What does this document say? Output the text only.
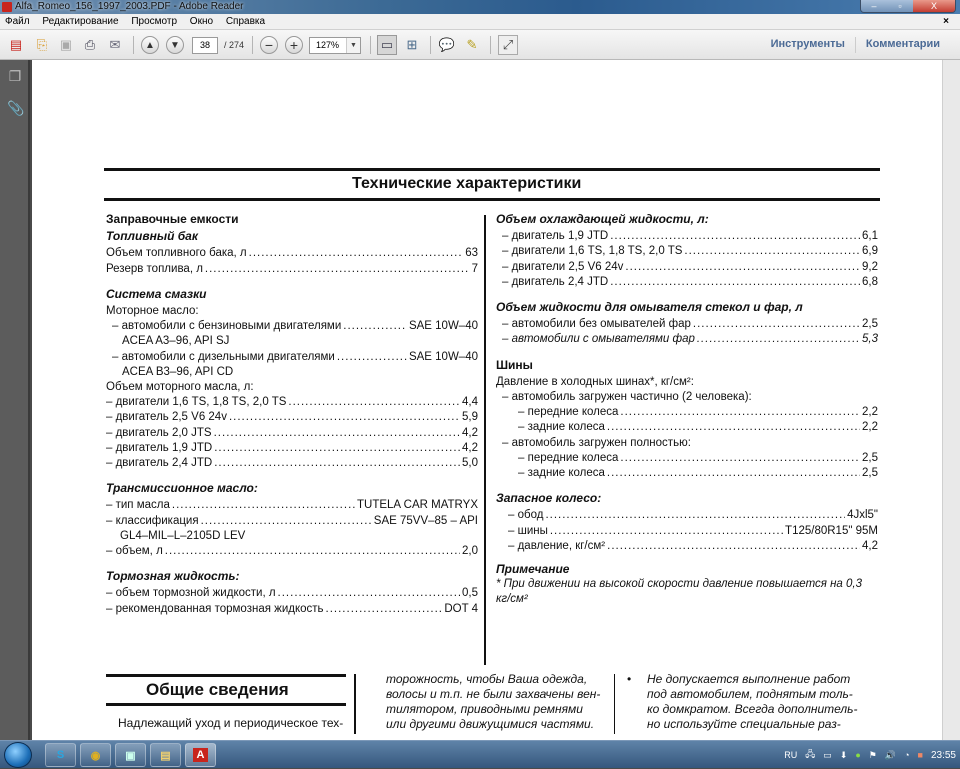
Alfa_Romeo_156_1997_2003.PDF - Adobe Reader	–	▫	X
Файл Редактирование Просмотр Окно Справка	×
▤	⎘ ▣ ⎙	✉	▲	▼	38	/ 274	−	+	127%	▼ ▭	⊞	💬 ✎	⤢	Инструменты	Комментарии
❐
📎
Технические характеристики
Заправочные емкости
Топливный бак
Объем топливного бака, л .....	63
Резерв топлива, л .....	7
Система смазки
Моторное масло:
– автомобили с бензиновыми двигателями .....	SAE 10W–40
ACEA A3–96, API SJ
– автомобили с дизельными двигателями .....	SAE 10W–40
ACEA B3–96, API CD
Объем моторного масла, л:
– двигатели 1,6 TS, 1,8 TS, 2,0 TS .....	4,4
– двигатель 2,5 V6 24v .....	5,9
– двигатель 2,0 JTS .....	4,2
– двигатель 1,9 JTD .....	4,2
– двигатель 2,4 JTD .....	5,0
Трансмиссионное масло:
– тип масла .....	TUTELA CAR MATRYX
– классификация .....	SAE 75VV–85 – API
GL4–MIL–L–2105D LEV
– объем, л .....	2,0
Тормозная жидкость:
– объем тормозной жидкости, л .....	0,5
– рекомендованная тормозная жидкость .....	DOT 4
Объем охлаждающей жидкости, л:
– двигатель 1,9 JTD .....	6,1
– двигатели 1,6 TS, 1,8 TS, 2,0 TS .....	6,9
– двигатели 2,5 V6 24v .....	9,2
– двигатель 2,4 JTD .....	6,8
Объем жидкости для омывателя стекол и фар, л
– автомобили без омывателей фар .....	2,5
– автомобили с омывателями фар .....	5,3
Шины
Давление в холодных шинах*, кг/см²:
– автомобиль загружен частично (2 человека):
– передние колеса .....	2,2
– задние колеса .....	2,2
– автомобиль загружен полностью:
– передние колеса .....	2,5
– задние колеса .....	2,5
Запасное колесо:
– обод .....	4Jxl5"
– шины .....	T125/80R15" 95M
– давление, кг/см² .....	4,2
Примечание
* При движении на высокой скорости давление повышается на 0,3 кг/см²
Общие сведения
Надлежащий уход и периодическое тех-
торожность, чтобы Ваша одежда,
волосы и т.п. не были захвачены вен-
тилятором, приводными ремнями
или другими движущимися частями.
• Не допускается выполнение работ
под автомобилем, поднятым толь-
ко домкратом. Всегда дополнитель-
но используйте специальные раз-
S	◉	▣	▤	A	RU 🖧 ▭ ⬇ ● ⚑ 🔊 ◔ ■ 23:55
